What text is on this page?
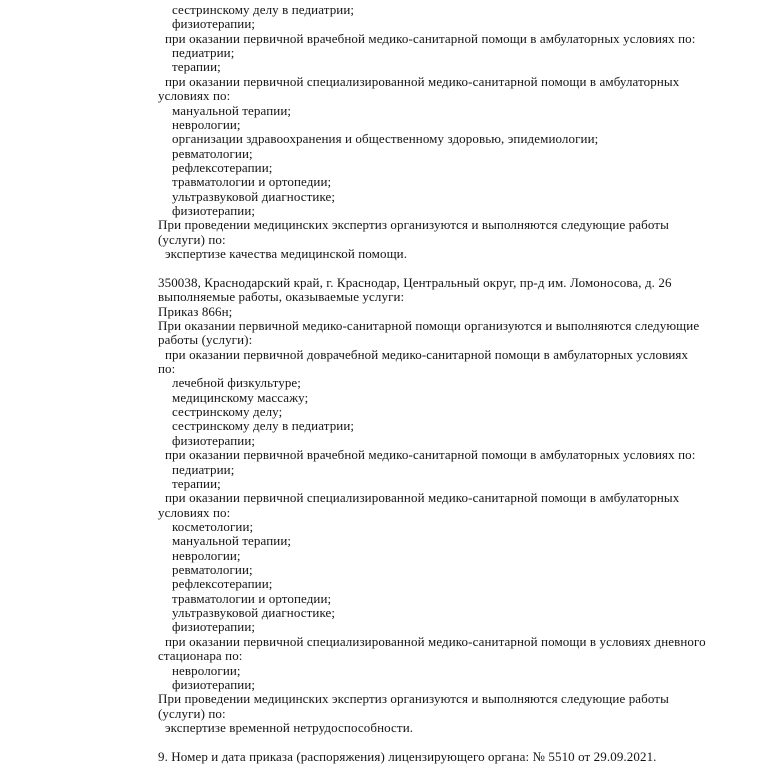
сестринскому делу в педиатрии;
физиотерапии;
при оказании первичной врачебной медико-санитарной помощи в амбулаторных условиях по:
педиатрии;
терапии;
при оказании первичной специализированной медико-санитарной помощи в амбулаторных
условиях по:
мануальной терапии;
неврологии;
организации здравоохранения и общественному здоровью, эпидемиологии;
ревматологии;
рефлексотерапии;
травматологии и ортопедии;
ультразвуковой диагностике;
физиотерапии;
При проведении медицинских экспертиз организуются и выполняются следующие работы
(услуги) по:
экспертизе качества медицинской помощи.
350038, Краснодарский край, г. Краснодар, Центральный округ, пр-д им. Ломоносова, д. 26
выполняемые работы, оказываемые услуги:
Приказ 866н;
При оказании первичной медико-санитарной помощи организуются и выполняются следующие
работы (услуги):
при оказании первичной доврачебной медико-санитарной помощи в амбулаторных условиях
по:
лечебной физкультуре;
медицинскому массажу;
сестринскому делу;
сестринскому делу в педиатрии;
физиотерапии;
при оказании первичной врачебной медико-санитарной помощи в амбулаторных условиях по:
педиатрии;
терапии;
при оказании первичной специализированной медико-санитарной помощи в амбулаторных
условиях по:
косметологии;
мануальной терапии;
неврологии;
ревматологии;
рефлексотерапии;
травматологии и ортопедии;
ультразвуковой диагностике;
физиотерапии;
при оказании первичной специализированной медико-санитарной помощи в условиях дневного
стационара по:
неврологии;
физиотерапии;
При проведении медицинских экспертиз организуются и выполняются следующие работы
(услуги) по:
экспертизе временной нетрудоспособности.
9. Номер и дата приказа (распоряжения) лицензирующего органа: № 5510 от 29.09.2021.
